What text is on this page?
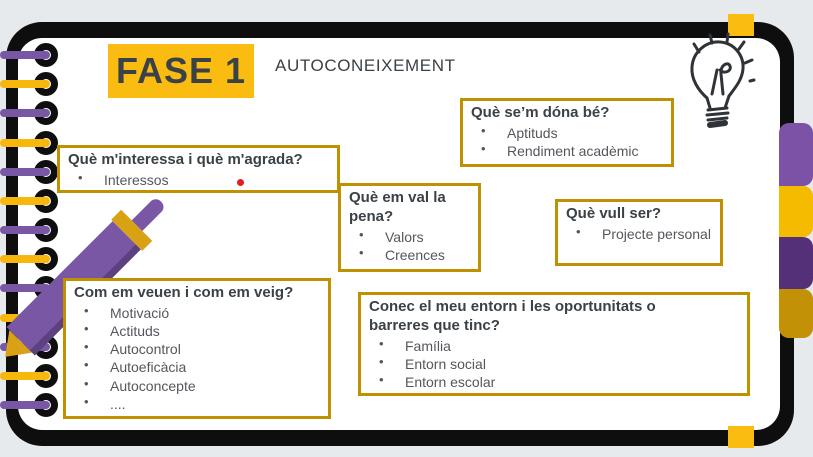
FASE 1 AUTOCONEIXEMENT
Què m'interessa i què m'agrada?
• Interessos
Què se’m dóna bé?
• Aptituds
• Rendiment acadèmic
Què em val la pena?
• Valors
• Creences
Què vull ser?
• Projecte personal
Com em veuen i com em veig?
• Motivació
• Actituds
• Autocontrol
• Autoeficàcia
• Autoconcepte
• ....
Conec el meu entorn i les oportunitats o barreres que tinc?
• Família
• Entorn social
• Entorn escolar
